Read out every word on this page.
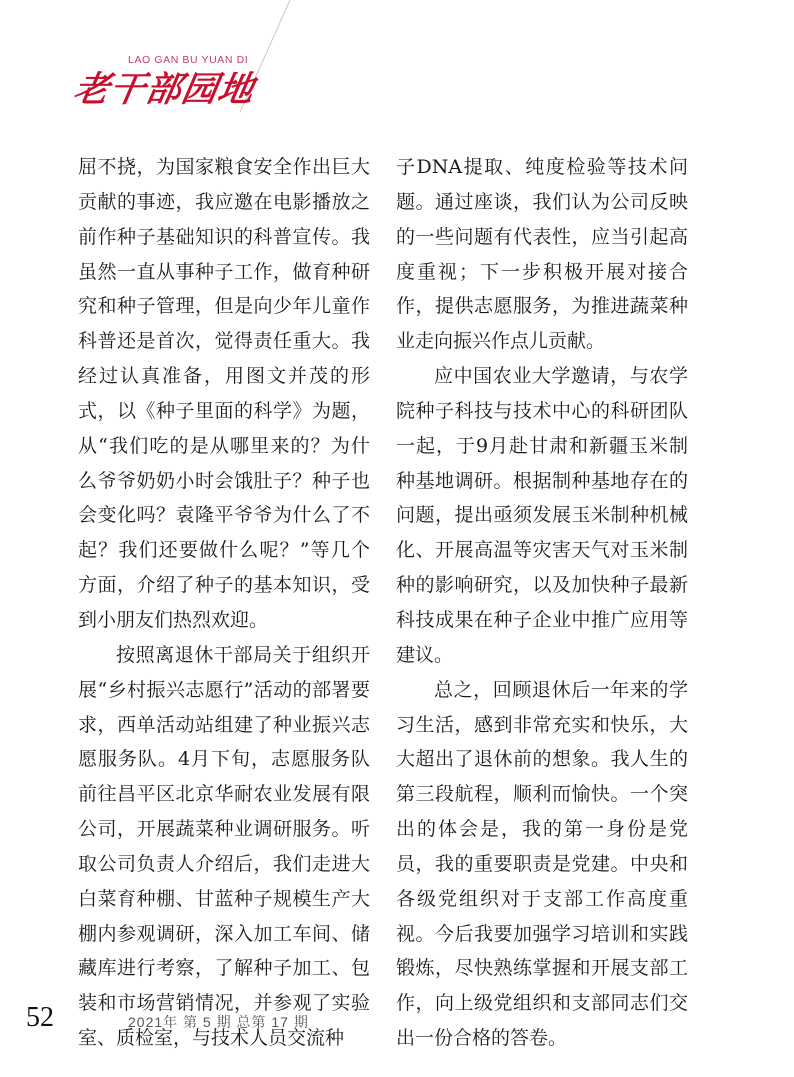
LAO GAN BU YUAN DI
老干部园地

屈不挠，为国家粮食安全作出巨大贡献的事迹，我应邀在电影播放之前作种子基础知识的科普宣传。我虽然一直从事种子工作，做育种研究和种子管理，但是向少年儿童作科普还是首次，觉得责任重大。我经过认真准备，用图文并茂的形式，以《种子里面的科学》为题，从“我们吃的是从哪里来的？为什么爷爷奶奶小时会饿肚子？种子也会变化吗？袁隆平爷爷为什么了不起？我们还要做什么呢？”等几个方面，介绍了种子的基本知识，受到小朋友们热烈欢迎。

按照离退休干部局关于组织开展“乡村振兴志愿行”活动的部署要求，西单活动站组建了种业振兴志愿服务队。4月下旬，志愿服务队前往昌平区北京华耐农业发展有限公司，开展蔬菜种业调研服务。听取公司负责人介绍后，我们走进大白菜育种棚、甘蓝种子规模生产大棚内参观调研，深入加工车间、储藏库进行考察，了解种子加工、包装和市场营销情况，并参观了实验室、质检室，与技术人员交流种

子DNA提取、纯度检验等技术问题。通过座谈，我们认为公司反映的一些问题有代表性，应当引起高度重视；下一步积极开展对接合作，提供志愿服务，为推进蔬菜种业走向振兴作点儿贡献。

应中国农业大学邀请，与农学院种子科技与技术中心的科研团队一起，于9月赴甘肃和新疆玉米制种基地调研。根据制种基地存在的问题，提出亟须发展玉米制种机械化、开展高温等灾害天气对玉米制种的影响研究，以及加快种子最新科技成果在种子企业中推广应用等建议。

总之，回顾退休后一年来的学习生活，感到非常充实和快乐，大大超出了退休前的想象。我人生的第三段航程，顺利而愉快。一个突出的体会是，我的第一身份是党员，我的重要职责是党建。中央和各级党组织对于支部工作高度重视。今后我要加强学习培训和实践锻炼，尽快熟练掌握和开展支部工作，向上级党组织和支部同志们交出一份合格的答卷。

52	2021年 第 5 期 总第 17 期
